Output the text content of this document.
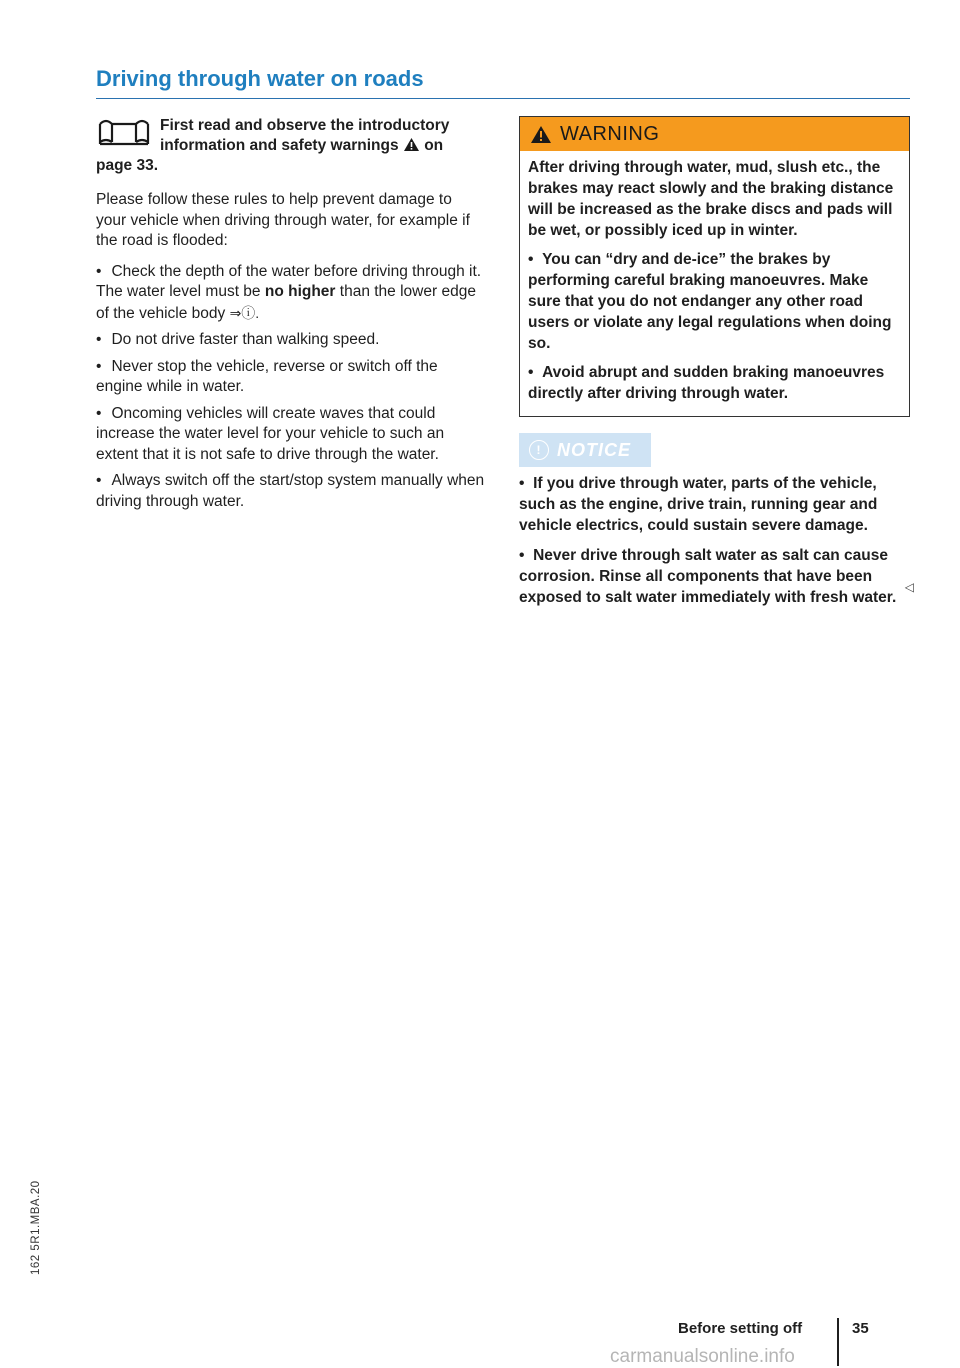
Driving through water on roads
First read and observe the introductory information and safety warnings on
page 33.

Please follow these rules to help prevent damage to your vehicle when driving through water, for example if the road is flooded:

• Check the depth of the water before driving through it. The water level must be no higher than the lower edge of the vehicle body ⇒ⓘ.
• Do not drive faster than walking speed.
• Never stop the vehicle, reverse or switch off the engine while in water.
• Oncoming vehicles will create waves that could increase the water level for your vehicle to such an extent that it is not safe to drive through the water.
• Always switch off the start/stop system manually when driving through water.
WARNING

After driving through water, mud, slush etc., the brakes may react slowly and the braking distance will be increased as the brake discs and pads will be wet, or possibly iced up in winter.

• You can “dry and de-ice” the brakes by performing careful braking manoeuvres. Make sure that you do not endanger any other road users or violate any legal regulations when doing so.

• Avoid abrupt and sudden braking manoeuvres directly after driving through water.

! NOTICE

• If you drive through water, parts of the vehicle, such as the engine, drive train, running gear and vehicle electrics, could sustain severe damage.

• Never drive through salt water as salt can cause corrosion. Rinse all components that have been exposed to salt water immediately with fresh water.

◁
162 5R1.MBA.20
Before setting off	35
carmanualsonline.info
